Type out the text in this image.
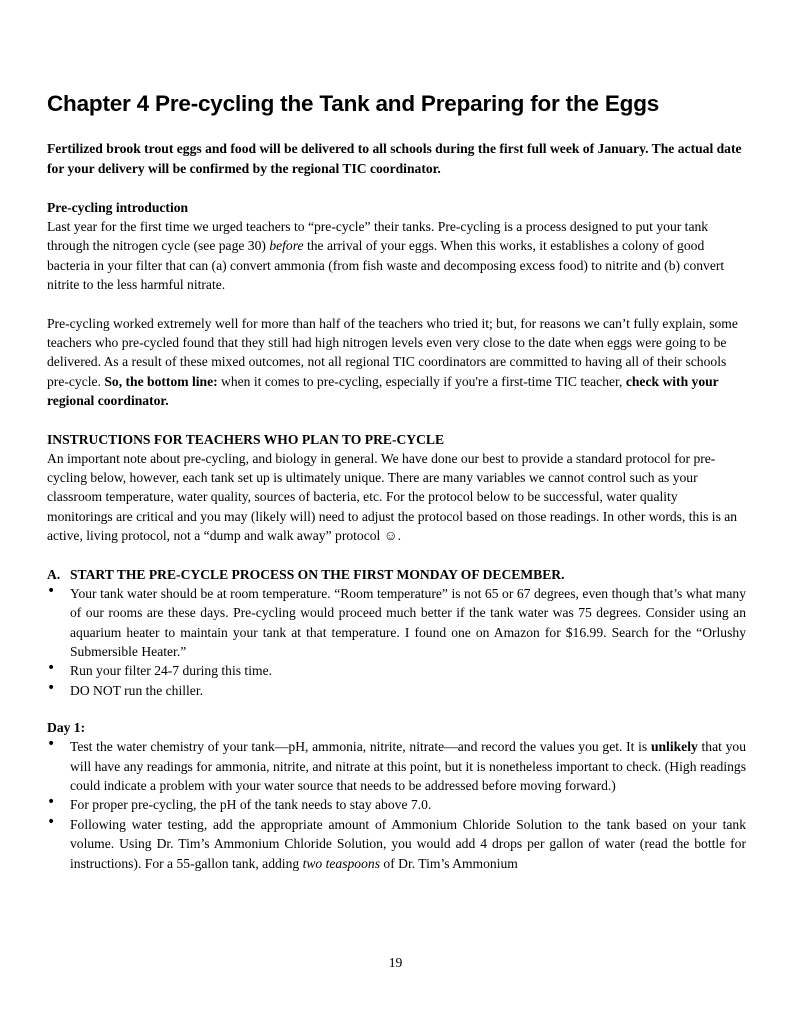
Chapter 4 Pre-cycling the Tank and Preparing for the Eggs

Fertilized brook trout eggs and food will be delivered to all schools during the first full week of January. The actual date for your delivery will be confirmed by the regional TIC coordinator.

Pre-cycling introduction

Last year for the first time we urged teachers to “pre-cycle” their tanks. Pre-cycling is a process designed to put your tank through the nitrogen cycle (see page 30) before the arrival of your eggs. When this works, it establishes a colony of good bacteria in your filter that can (a) convert ammonia (from fish waste and decomposing excess food) to nitrite and (b) convert nitrite to the less harmful nitrate.

Pre-cycling worked extremely well for more than half of the teachers who tried it; but, for reasons we can’t fully explain, some teachers who pre-cycled found that they still had high nitrogen levels even very close to the date when eggs were going to be delivered. As a result of these mixed outcomes, not all regional TIC coordinators are committed to having all of their schools pre-cycle. So, the bottom line: when it comes to pre-cycling, especially if you're a first-time TIC teacher, check with your regional coordinator.

INSTRUCTIONS FOR TEACHERS WHO PLAN TO PRE-CYCLE

An important note about pre-cycling, and biology in general. We have done our best to provide a standard protocol for pre-cycling below, however, each tank set up is ultimately unique. There are many variables we cannot control such as your classroom temperature, water quality, sources of bacteria, etc. For the protocol below to be successful, water quality monitorings are critical and you may (likely will) need to adjust the protocol based on those readings. In other words, this is an active, living protocol, not a “dump and walk away” protocol ☺.

A. START THE PRE-CYCLE PROCESS ON THE FIRST MONDAY OF DECEMBER.
• Your tank water should be at room temperature. “Room temperature” is not 65 or 67 degrees, even though that’s what many of our rooms are these days. Pre-cycling would proceed much better if the tank water was 75 degrees. Consider using an aquarium heater to maintain your tank at that temperature. I found one on Amazon for $16.99. Search for the “Orlushy Submersible Heater.”
• Run your filter 24-7 during this time.
• DO NOT run the chiller.
Day 1:
• Test the water chemistry of your tank—pH, ammonia, nitrite, nitrate—and record the values you get. It is unlikely that you will have any readings for ammonia, nitrite, and nitrate at this point, but it is nonetheless important to check. (High readings could indicate a problem with your water source that needs to be addressed before moving forward.)
• For proper pre-cycling, the pH of the tank needs to stay above 7.0.
• Following water testing, add the appropriate amount of Ammonium Chloride Solution to the tank based on your tank volume. Using Dr. Tim’s Ammonium Chloride Solution, you would add 4 drops per gallon of water (read the bottle for instructions). For a 55-gallon tank, adding two teaspoons of Dr. Tim’s Ammonium
19
